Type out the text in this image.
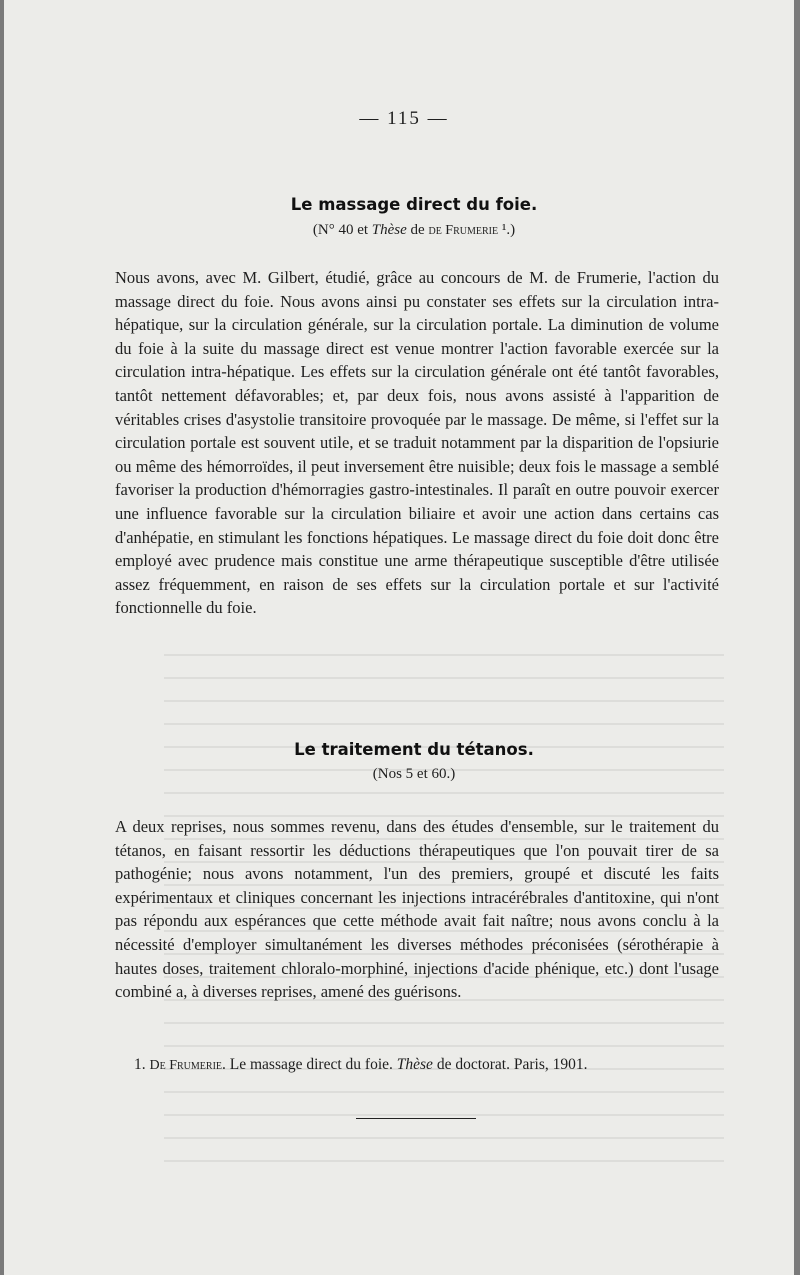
— 115 —
Le massage direct du foie.
(N° 40 et Thèse de de Frumerie ¹.)

Nous avons, avec M. Gilbert, étudié, grâce au concours de M. de Frumerie, l'action du massage direct du foie. Nous avons ainsi pu constater ses effets sur la circulation intra-hépatique, sur la circulation générale, sur la circulation portale. La diminution de volume du foie à la suite du massage direct est venue montrer l'action favorable exercée sur la circulation intra-hépatique. Les effets sur la circulation générale ont été tantôt favorables, tantôt nettement défavorables; et, par deux fois, nous avons assisté à l'apparition de véritables crises d'asystolie transitoire provoquée par le massage. De même, si l'effet sur la circulation portale est souvent utile, et se traduit notamment par la disparition de l'opsiurie ou même des hémorroïdes, il peut inversement être nuisible; deux fois le massage a semblé favoriser la production d'hémorragies gastro-intestinales. Il paraît en outre pouvoir exercer une influence favorable sur la circulation biliaire et avoir une action dans certains cas d'anhépatie, en stimulant les fonctions hépatiques. Le massage direct du foie doit donc être employé avec prudence mais constitue une arme thérapeutique susceptible d'être utilisée assez fréquemment, en raison de ses effets sur la circulation portale et sur l'activité fonctionnelle du foie.

Le traitement du tétanos.
(Nos 5 et 60.)

A deux reprises, nous sommes revenu, dans des études d'ensemble, sur le traitement du tétanos, en faisant ressortir les déductions thérapeutiques que l'on pouvait tirer de sa pathogénie; nous avons notamment, l'un des premiers, groupé et discuté les faits expérimentaux et cliniques concernant les injections intracérébrales d'antitoxine, qui n'ont pas répondu aux espérances que cette méthode avait fait naître; nous avons conclu à la nécessité d'employer simultanément les diverses méthodes préconisées (sérothérapie à hautes doses, traitement chloralo-morphiné, injections d'acide phénique, etc.) dont l'usage combiné a, à diverses reprises, amené des guérisons.

1. De Frumerie. Le massage direct du foie. Thèse de doctorat. Paris, 1901.
